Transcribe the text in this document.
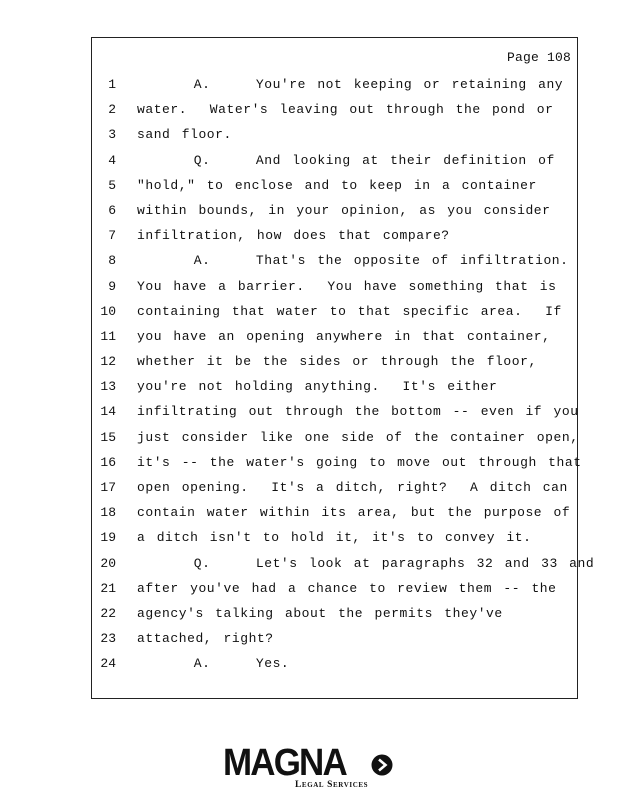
Page 108
1 A.    You're not keeping or retaining any
2 water.  Water's leaving out through the pond or
3 sand floor.
4 Q.    And looking at their definition of
5 "hold," to enclose and to keep in a container
6 within bounds, in your opinion, as you consider
7 infiltration, how does that compare?
8 A.    That's the opposite of infiltration.
9 You have a barrier.  You have something that is
10 containing that water to that specific area.  If
11 you have an opening anywhere in that container,
12 whether it be the sides or through the floor,
13 you're not holding anything.  It's either
14 infiltrating out through the bottom -- even if you
15 just consider like one side of the container open,
16 it's -- the water's going to move out through that
17 open opening.  It's a ditch, right?  A ditch can
18 contain water within its area, but the purpose of
19 a ditch isn't to hold it, it's to convey it.
20 Q.    Let's look at paragraphs 32 and 33 and
21 after you've had a chance to review them -- the
22 agency's talking about the permits they've
23 attached, right?
24 A.    Yes.
MAGNA
Legal Services
